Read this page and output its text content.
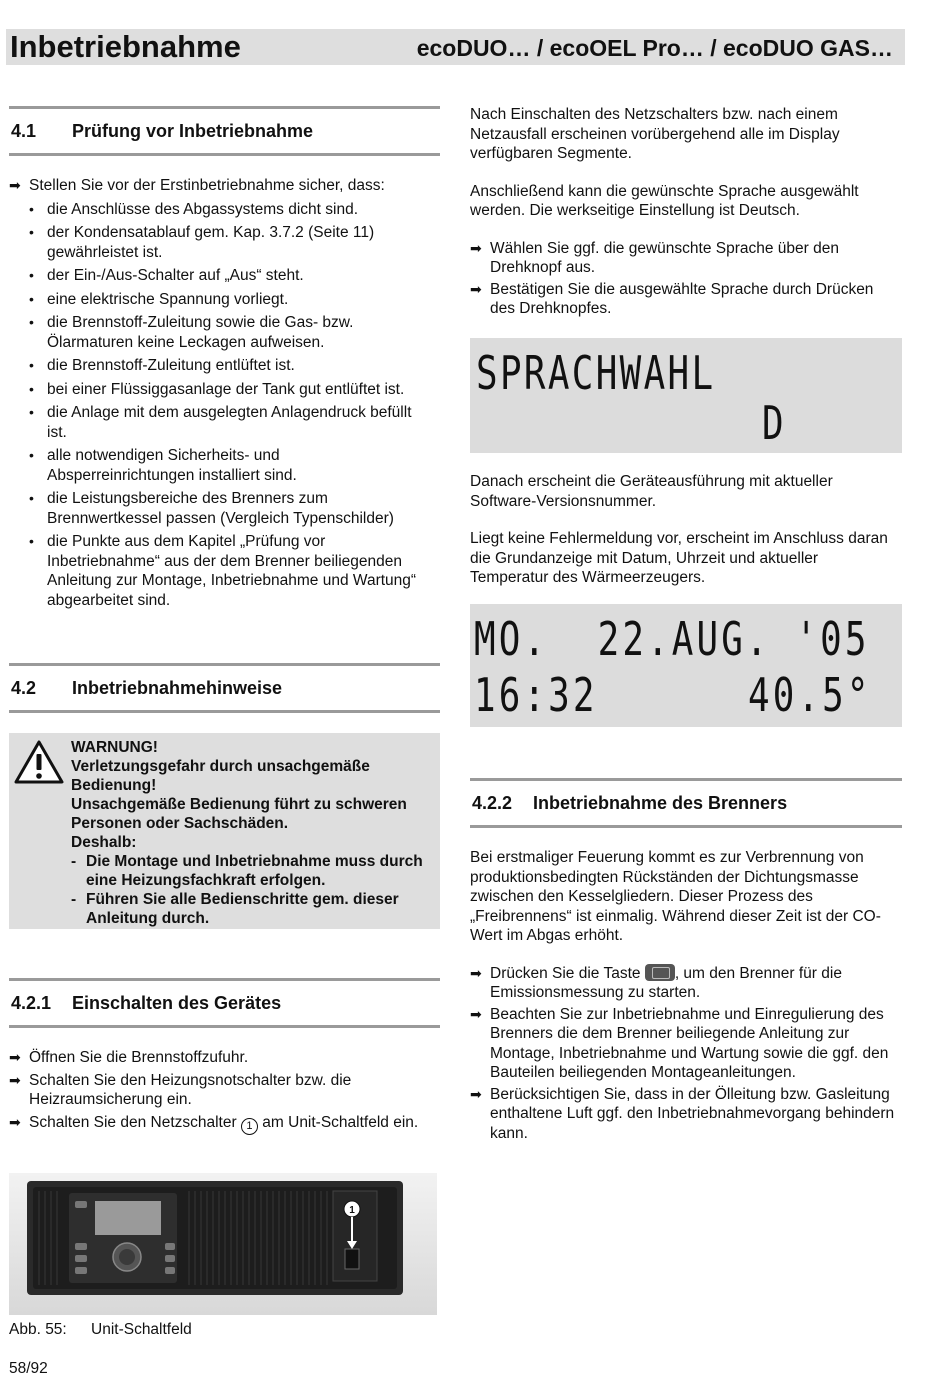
Inbetriebnahme	ecoDUO… / ecoOEL Pro… / ecoDUO GAS…
4.1 Prüfung vor Inbetriebnahme
➡ Stellen Sie vor der Erstinbetriebnahme sicher, dass:
• die Anschlüsse des Abgassystems dicht sind.
• der Kondensatablauf gem. Kap. 3.7.2 (Seite 11) gewährleistet ist.
• der Ein-/Aus-Schalter auf „Aus“ steht.
• eine elektrische Spannung vorliegt.
• die Brennstoff-Zuleitung sowie die Gas- bzw. Ölarmaturen keine Leckagen aufweisen.
• die Brennstoff-Zuleitung entlüftet ist.
• bei einer Flüssiggasanlage der Tank gut entlüftet ist.
• die Anlage mit dem ausgelegten Anlagendruck befüllt ist.
• alle notwendigen Sicherheits- und Absperreinrichtungen installiert sind.
• die Leistungsbereiche des Brenners zum Brennwertkessel passen (Vergleich Typenschilder)
• die Punkte aus dem Kapitel „Prüfung vor Inbetriebnahme“ aus der dem Brenner beiliegenden Anleitung zur Montage, Inbetriebnahme und Wartung“ abgearbeitet sind.
4.2 Inbetriebnahmehinweise
WARNUNG!
Verletzungsgefahr durch unsachgemäße Bedienung!
Unsachgemäße Bedienung führt zu schweren Personen oder Sachschäden.
Deshalb:
- Die Montage und Inbetriebnahme muss durch eine Heizungsfachkraft erfolgen.
- Führen Sie alle Bedienschritte gem. dieser Anleitung durch.
4.2.1 Einschalten des Gerätes
➡ Öffnen Sie die Brennstoffzufuhr.
➡ Schalten Sie den Heizungsnotschalter bzw. die Heizraumsicherung ein.
➡ Schalten Sie den Netzschalter 1 am Unit-Schaltfeld ein.
1
Abb. 55: Unit-Schaltfeld
58/92
Nach Einschalten des Netzschalters bzw. nach einem Netzausfall erscheinen vorübergehend alle im Display verfügbaren Segmente.
Anschließend kann die gewünschte Sprache ausgewählt werden. Die werkseitige Einstellung ist Deutsch.
➡ Wählen Sie ggf. die gewünschte Sprache über den Drehknopf aus.
➡ Bestätigen Sie die ausgewählte Sprache durch Drücken des Drehknopfes.
SPRACHWAHL
D
Danach erscheint die Geräteausführung mit aktueller Software-Versionsnummer.
Liegt keine Fehlermeldung vor, erscheint im Anschluss daran die Grundanzeige mit Datum, Uhrzeit und aktueller Temperatur des Wärmeerzeugers.
MO.  22.AUG. '05
16:32	40.5°
4.2.2 Inbetriebnahme des Brenners
Bei erstmaliger Feuerung kommt es zur Verbrennung von produktionsbedingten Rückständen der Dichtungsmasse zwischen den Kesselgliedern. Dieser Prozess des „Freibrennens“ ist einmalig. Während dieser Zeit ist der CO-Wert im Abgas erhöht.
➡ Drücken Sie die Taste , um den Brenner für die Emissionsmessung zu starten.
➡ Beachten Sie zur Inbetriebnahme und Einregulierung des Brenners die dem Brenner beiliegende Anleitung zur Montage, Inbetriebnahme und Wartung sowie die ggf. den Bauteilen beiliegenden Montageanleitungen.
➡ Berücksichtigen Sie, dass in der Ölleitung bzw. Gasleitung enthaltene Luft ggf. den Inbetriebnahmevorgang behindern kann.
